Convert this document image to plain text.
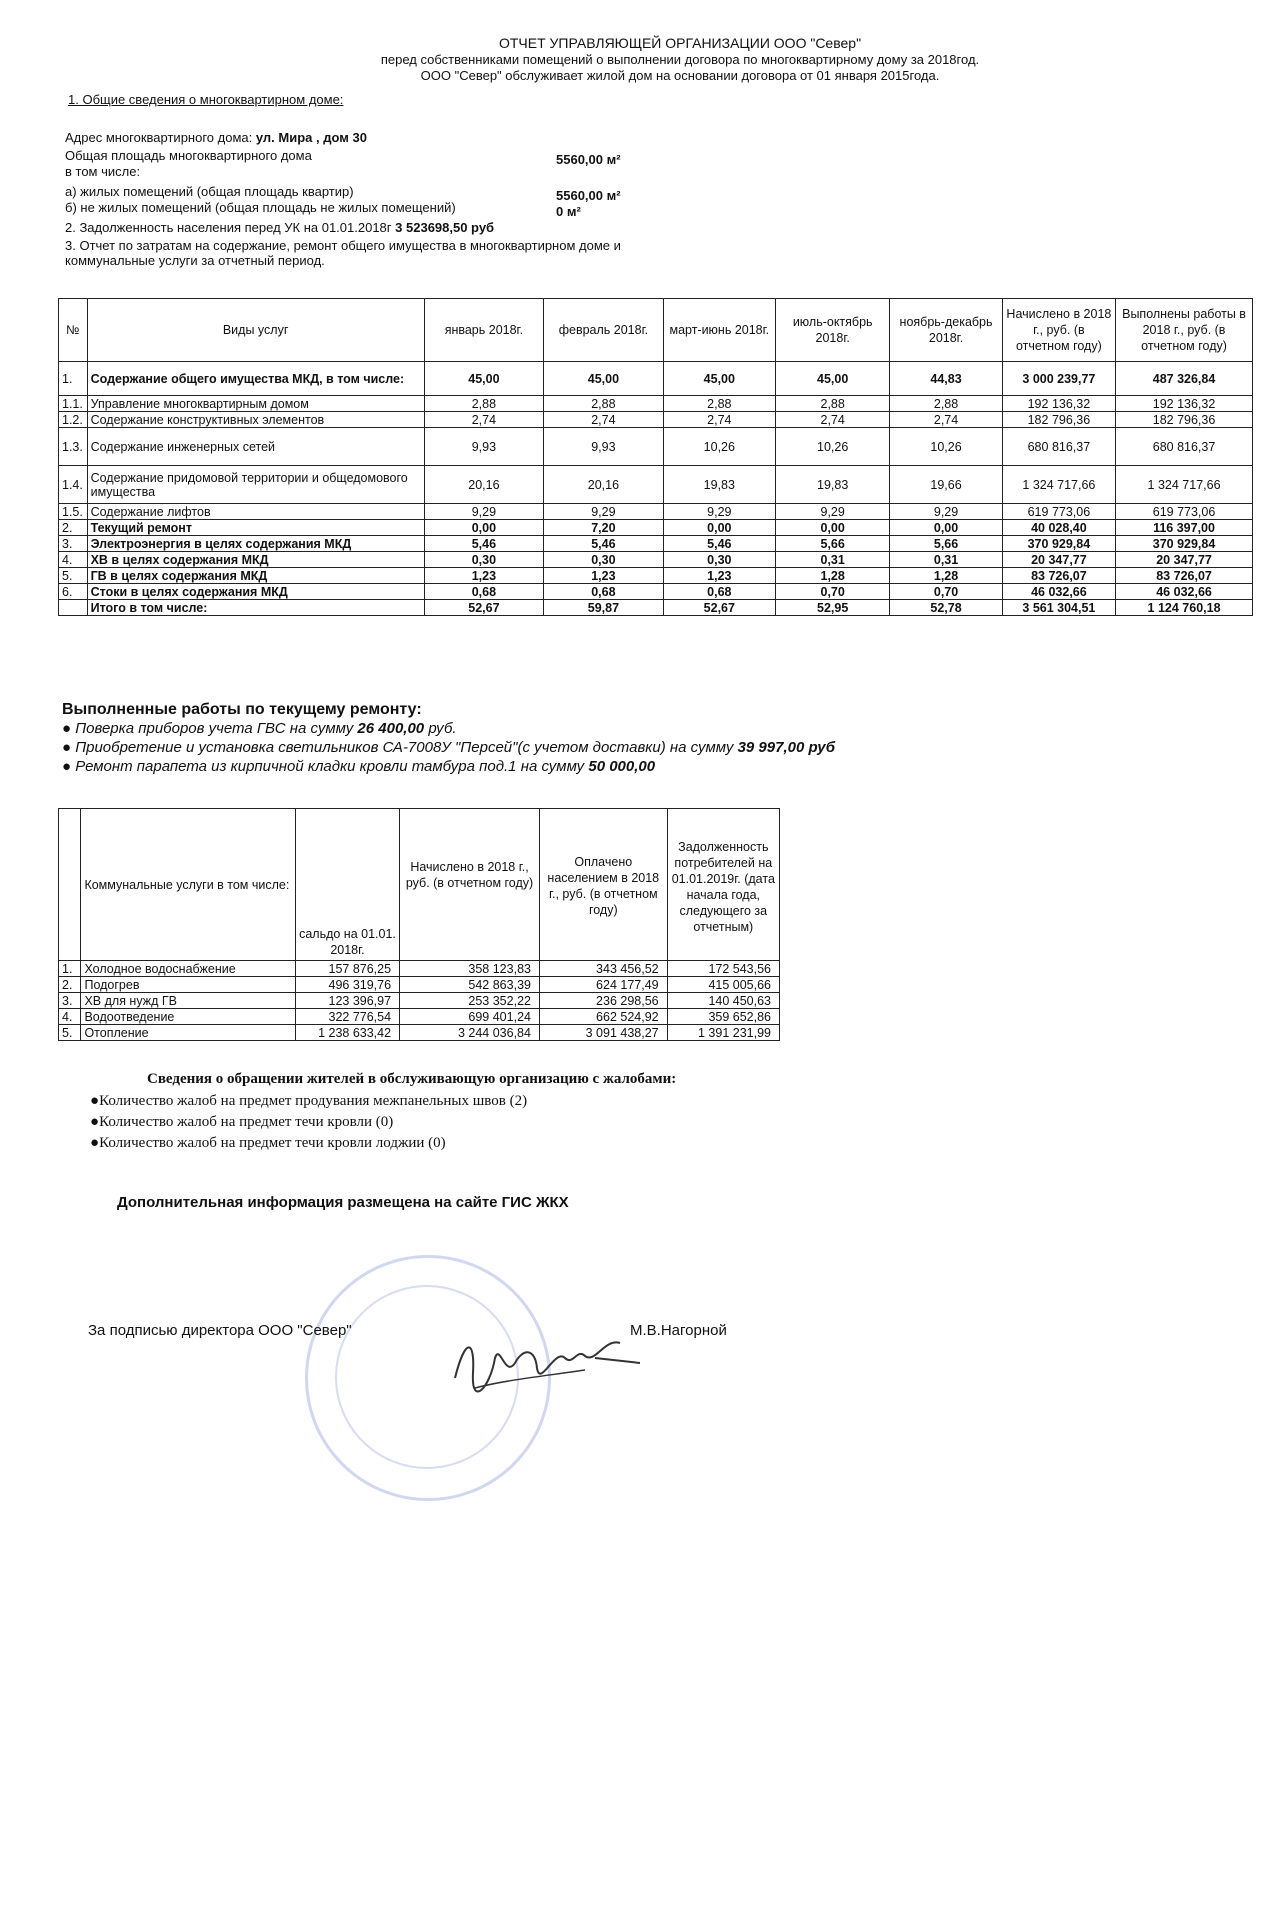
ОТЧЕТ УПРАВЛЯЮЩЕЙ ОРГАНИЗАЦИИ ООО "Север"
перед собственниками помещений о выполнении договора по многоквартирному дому за 2018год.
ООО "Север" обслуживает жилой дом на основании договора от 01 января 2015года.
1. Общие сведения о многоквартирном доме:
Адрес многоквартирного дома: ул. Мира , дом 30
Общая площадь многоквартирного дома	5560,00 м²
в том числе:
а) жилых помещений (общая площадь квартир)	5560,00 м²
б) не жилых помещений (общая площадь не жилых помещений)	0 м²
2. Задолженность населения перед УК на 01.01.2018г 3 523698,50 руб
3. Отчет по затратам на содержание, ремонт общего имущества в многоквартирном доме и
коммунальные услуги за отчетный период.
№	Виды услуг	январь 2018г.	февраль 2018г.	март-июнь 2018г.	июль-октябрь 2018г.	ноябрь-декабрь 2018г.	Начислено в 2018 г., руб. (в отчетном году)	Выполнены работы в 2018 г., руб. (в отчетном году)
1.	Содержание общего имущества МКД, в том числе:	45,00	45,00	45,00	45,00	44,83	3 000 239,77	487 326,84
1.1.	Управление многоквартирным домом	2,88	2,88	2,88	2,88	2,88	192 136,32	192 136,32
1.2.	Содержание конструктивных элементов	2,74	2,74	2,74	2,74	2,74	182 796,36	182 796,36
1.3.	Содержание инженерных сетей	9,93	9,93	10,26	10,26	10,26	680 816,37	680 816,37
1.4.	Содержание придомовой территории и общедомового имущества	20,16	20,16	19,83	19,83	19,66	1 324 717,66	1 324 717,66
1.5.	Содержание лифтов	9,29	9,29	9,29	9,29	9,29	619 773,06	619 773,06
2.	Текущий ремонт	0,00	7,20	0,00	0,00	0,00	40 028,40	116 397,00
3.	Электроэнергия в целях содержания МКД	5,46	5,46	5,46	5,66	5,66	370 929,84	370 929,84
4.	ХВ в целях содержания МКД	0,30	0,30	0,30	0,31	0,31	20 347,77	20 347,77
5.	ГВ в целях содержания МКД	1,23	1,23	1,23	1,28	1,28	83 726,07	83 726,07
6.	Стоки в целях содержания МКД	0,68	0,68	0,68	0,70	0,70	46 032,66	46 032,66
	Итого в том числе:	52,67	59,87	52,67	52,95	52,78	3 561 304,51	1 124 760,18
Выполненные работы по текущему ремонту:
● Поверка приборов учета ГВС на сумму 26 400,00 руб.
● Приобретение и установка светильников СА-7008У "Персей"(с учетом доставки) на сумму 39 997,00 руб
● Ремонт парапета из кирпичной кладки кровли тамбура под.1 на сумму 50 000,00
	Коммунальные услуги в том числе:	сальдо на 01.01. 2018г.	Начислено в 2018 г., руб. (в отчетном году)	Оплачено населением в 2018 г., руб. (в отчетном году)	Задолженность потребителей на 01.01.2019г. (дата начала года, следующего за отчетным)
1.	Холодное водоснабжение	157 876,25	358 123,83	343 456,52	172 543,56
2.	Подогрев	496 319,76	542 863,39	624 177,49	415 005,66
3.	ХВ для нужд ГВ	123 396,97	253 352,22	236 298,56	140 450,63
4.	Водоотведение	322 776,54	699 401,24	662 524,92	359 652,86
5.	Отопление	1 238 633,42	3 244 036,84	3 091 438,27	1 391 231,99
Сведения о обращении жителей в обслуживающую организацию с жалобами:
●Количество жалоб на предмет продувания межпанельных швов (2)
●Количество жалоб на предмет течи кровли (0)
●Количество жалоб на предмет течи кровли лоджии (0)
Дополнительная информация размещена на сайте ГИС ЖКХ
За подписью директора ООО "Север"	М.В.Нагорной
